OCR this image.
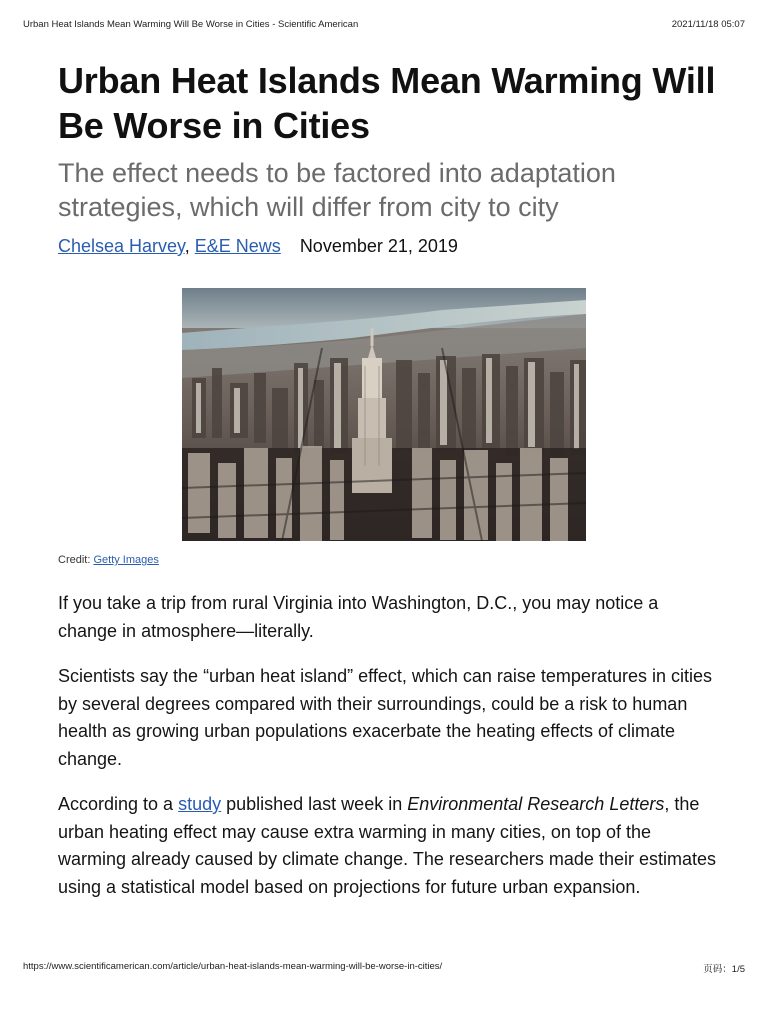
Urban Heat Islands Mean Warming Will Be Worse in Cities - Scientific American	2021/11/18 05:07
Urban Heat Islands Mean Warming Will Be Worse in Cities
The effect needs to be factored into adaptation strategies, which will differ from city to city
Chelsea Harvey, E&E News November 21, 2019
Credit: Getty Images

If you take a trip from rural Virginia into Washington, D.C., you may notice a change in atmosphere—literally.

Scientists say the “urban heat island” effect, which can raise temperatures in cities by several degrees compared with their surroundings, could be a risk to human health as growing urban populations exacerbate the heating effects of climate change.

According to a study published last week in Environmental Research Letters, the urban heating effect may cause extra warming in many cities, on top of the warming already caused by climate change. The researchers made their estimates using a statistical model based on projections for future urban expansion.

https://www.scientificamerican.com/article/urban-heat-islands-mean-warming-will-be-worse-in-cities/	页码：1/5
